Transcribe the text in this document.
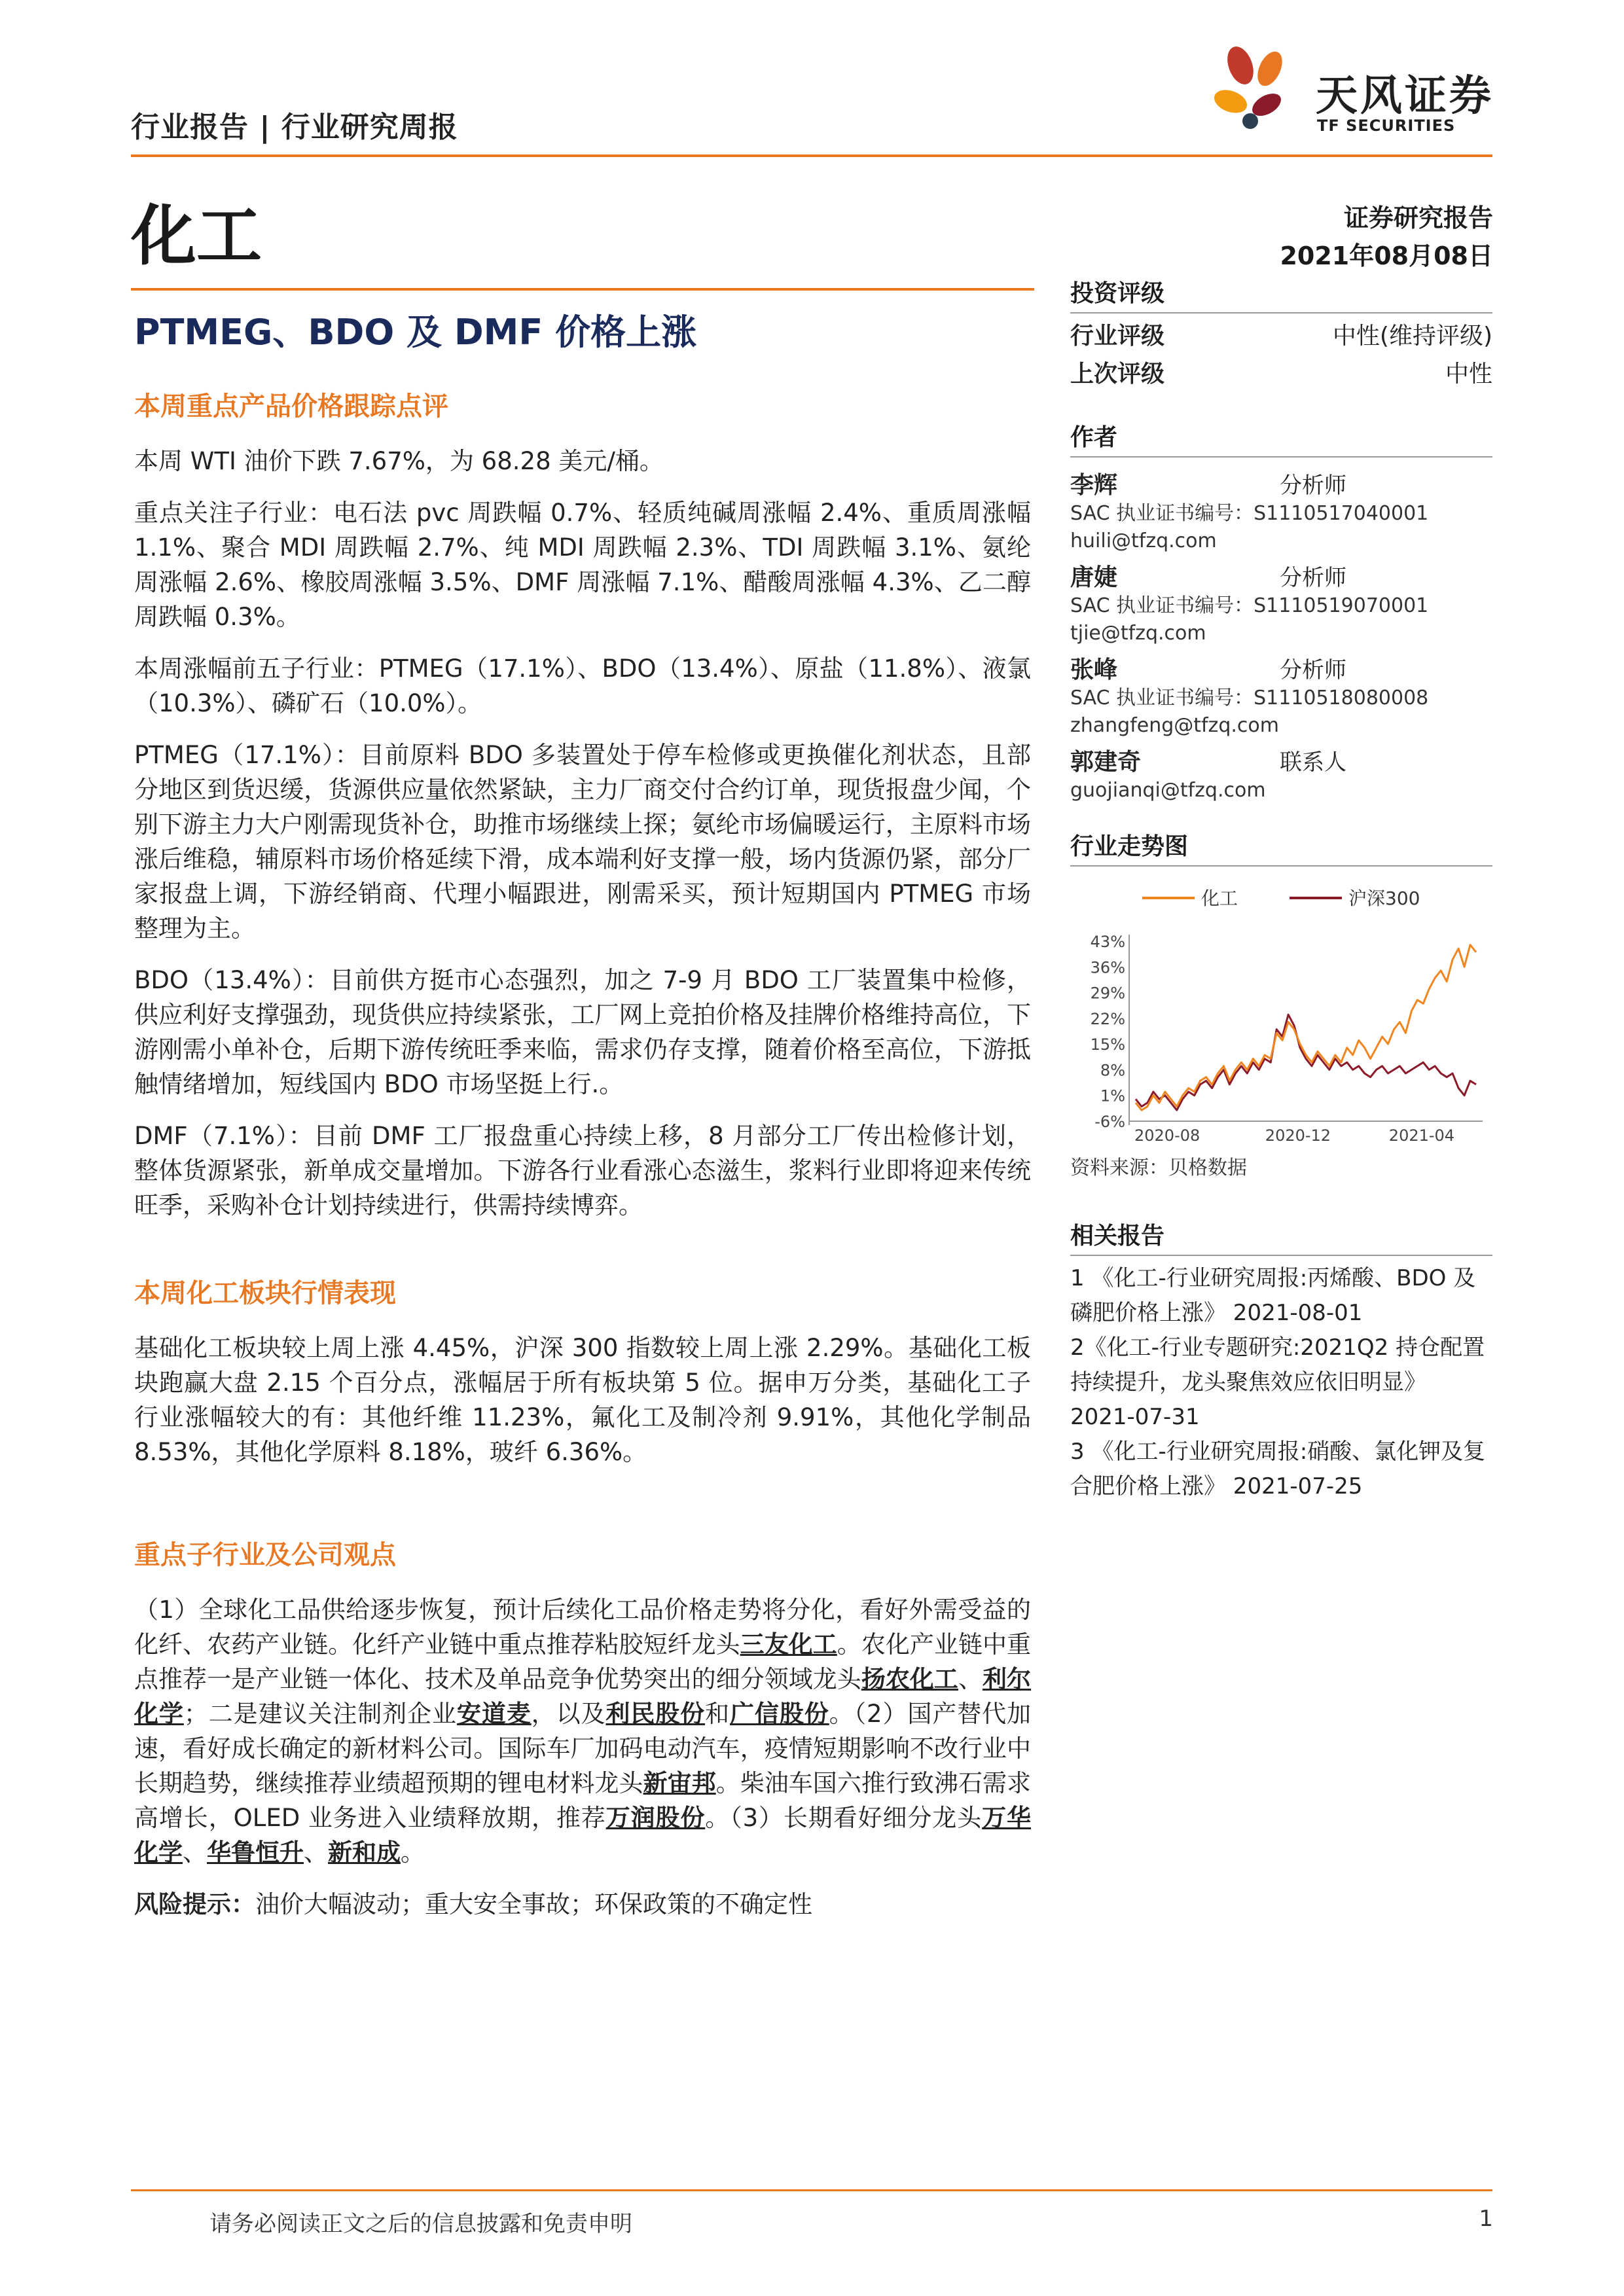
行业报告 | 行业研究周报
天风证券
TF SECURITIES
化工	证券研究报告
2021年08月08日
PTMEG、BDO 及 DMF 价格上涨

本周重点产品价格跟踪点评

本周 WTI 油价下跌 7.67%，为 68.28 美元/桶。

重点关注子行业：电石法 pvc 周跌幅 0.7%、轻质纯碱周涨幅 2.4%、重质周涨幅 1.1%、聚合 MDI 周跌幅 2.7%、纯 MDI 周跌幅 2.3%、TDI 周跌幅 3.1%、氨纶周涨幅 2.6%、橡胶周涨幅 3.5%、DMF 周涨幅 7.1%、醋酸周涨幅 4.3%、乙二醇周跌幅 0.3%。

本周涨幅前五子行业：PTMEG（17.1%）、BDO（13.4%）、原盐（11.8%）、液氯（10.3%）、磷矿石（10.0%）。

PTMEG（17.1%）：目前原料 BDO 多装置处于停车检修或更换催化剂状态，且部分地区到货迟缓，货源供应量依然紧缺，主力厂商交付合约订单，现货报盘少闻，个别下游主力大户刚需现货补仓，助推市场继续上探；氨纶市场偏暖运行，主原料市场涨后维稳，辅原料市场价格延续下滑，成本端利好支撑一般，场内货源仍紧，部分厂家报盘上调，下游经销商、代理小幅跟进，刚需采买，预计短期国内 PTMEG 市场整理为主。

BDO（13.4%）：目前供方挺市心态强烈，加之 7-9 月 BDO 工厂装置集中检修，供应利好支撑强劲，现货供应持续紧张，工厂网上竞拍价格及挂牌价格维持高位，下游刚需小单补仓，后期下游传统旺季来临，需求仍存支撑，随着价格至高位，下游抵触情绪增加，短线国内 BDO 市场坚挺上行.。

DMF（7.1%）：目前 DMF 工厂报盘重心持续上移，8 月部分工厂传出检修计划，整体货源紧张，新单成交量增加。下游各行业看涨心态滋生，浆料行业即将迎来传统旺季，采购补仓计划持续进行，供需持续博弈。

本周化工板块行情表现

基础化工板块较上周上涨 4.45%，沪深 300 指数较上周上涨 2.29%。基础化工板块跑赢大盘 2.15 个百分点，涨幅居于所有板块第 5 位。据申万分类，基础化工子行业涨幅较大的有：其他纤维 11.23%，氟化工及制冷剂 9.91%，其他化学制品 8.53%，其他化学原料 8.18%，玻纤 6.36%。

重点子行业及公司观点

（1）全球化工品供给逐步恢复，预计后续化工品价格走势将分化，看好外需受益的化纤、农药产业链。化纤产业链中重点推荐粘胶短纤龙头三友化工。农化产业链中重点推荐一是产业链一体化、技术及单品竞争优势突出的细分领域龙头扬农化工、利尔化学；二是建议关注制剂企业安道麦，以及利民股份和广信股份。（2）国产替代加速，看好成长确定的新材料公司。国际车厂加码电动汽车，疫情短期影响不改行业中长期趋势，继续推荐业绩超预期的锂电材料龙头新宙邦。柴油车国六推行致沸石需求高增长，OLED 业务进入业绩释放期，推荐万润股份。（3）长期看好细分龙头万华化学、华鲁恒升、新和成。

风险提示：油价大幅波动；重大安全事故；环保政策的不确定性

投资评级
行业评级	中性(维持评级)
上次评级	中性
作者
李辉	分析师
SAC 执业证书编号：S1110517040001
huili@tfzq.com
唐婕	分析师
SAC 执业证书编号：S1110519070001
tjie@tfzq.com
张峰	分析师
SAC 执业证书编号：S1110518080008
zhangfeng@tfzq.com
郭建奇	联系人
guojianqi@tfzq.com
行业走势图
化工	沪深300
-6%
1%
8%
15%
22%
29%
36%
43%
2020-08	2020-12	2021-04
资料来源：贝格数据
相关报告

1 《化工-行业研究周报:丙烯酸、BDO 及磷肥价格上涨》 2021-08-01

2《化工-行业专题研究:2021Q2 持仓配置持续提升，龙头聚焦效应依旧明显》 2021-07-31

3 《化工-行业研究周报:硝酸、氯化钾及复合肥价格上涨》 2021-07-25

请务必阅读正文之后的信息披露和免责申明	1
